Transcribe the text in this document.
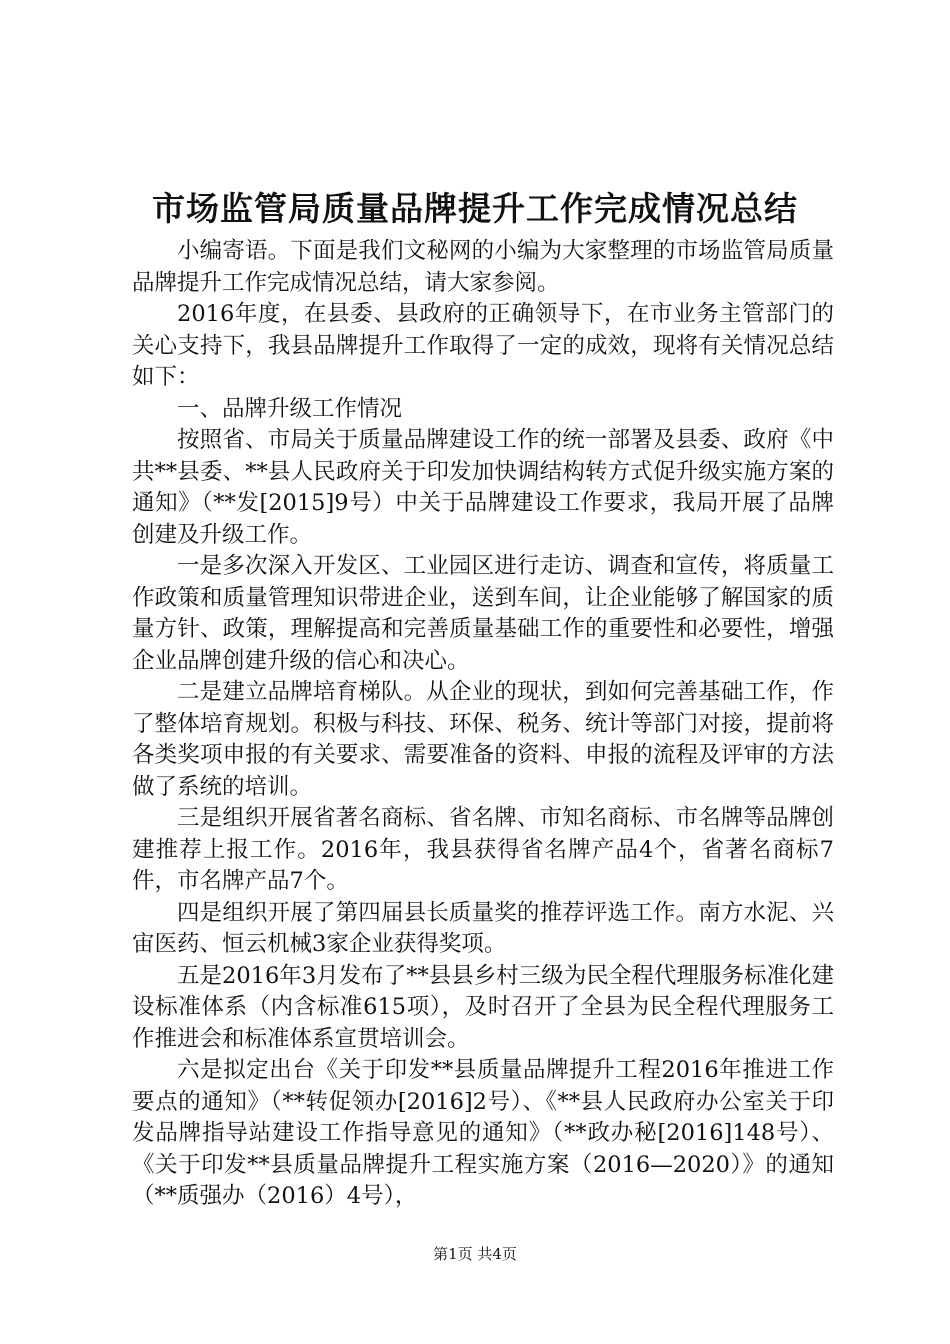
市场监管局质量品牌提升工作完成情况总结

小编寄语。下面是我们文秘网的小编为大家整理的市场监管局质量品牌提升工作完成情况总结，请大家参阅。

2016年度，在县委、县政府的正确领导下，在市业务主管部门的关心支持下，我县品牌提升工作取得了一定的成效，现将有关情况总结如下：

一、品牌升级工作情况

按照省、市局关于质量品牌建设工作的统一部署及县委、政府《中共**县委、**县人民政府关于印发加快调结构转方式促升级实施方案的通知》（**发[2015]9号）中关于品牌建设工作要求，我局开展了品牌创建及升级工作。

一是多次深入开发区、工业园区进行走访、调查和宣传，将质量工作政策和质量管理知识带进企业，送到车间，让企业能够了解国家的质量方针、政策，理解提高和完善质量基础工作的重要性和必要性，增强企业品牌创建升级的信心和决心。

二是建立品牌培育梯队。从企业的现状，到如何完善基础工作，作了整体培育规划。积极与科技、环保、税务、统计等部门对接，提前将各类奖项申报的有关要求、需要准备的资料、申报的流程及评审的方法做了系统的培训。

三是组织开展省著名商标、省名牌、市知名商标、市名牌等品牌创建推荐上报工作。2016年，我县获得省名牌产品4个，省著名商标7件，市名牌产品7个。

四是组织开展了第四届县长质量奖的推荐评选工作。南方水泥、兴宙医药、恒云机械3家企业获得奖项。

五是2016年3月发布了**县县乡村三级为民全程代理服务标准化建设标准体系（内含标准615项），及时召开了全县为民全程代理服务工作推进会和标准体系宣贯培训会。

六是拟定出台《关于印发**县质量品牌提升工程2016年推进工作要点的通知》（**转促领办[2016]2号）、《**县人民政府办公室关于印发品牌指导站建设工作指导意见的通知》（**政办秘[2016]148号）、《关于印发**县质量品牌提升工程实施方案（2016—2020）》的通知（**质强办（2016）4号），

第1页 共4页
